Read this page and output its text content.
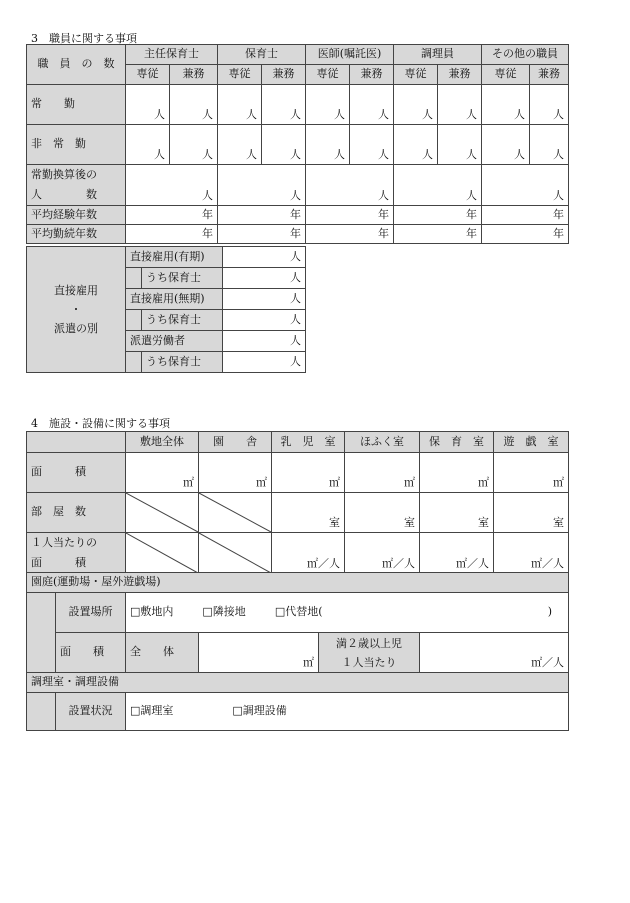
3　職員に関する事項
職　員　の　数	主任保育士		保育士		医師(嘱託医)		調理員		その他の職員	
	専従	兼務	専従	兼務	専従	兼務	専従	兼務	専従	兼務

常　　勤	人	人	人	人	人	人	人	人	人	人
非　常　勤	人	人	人	人	人	人	人	人	人	人

常勤換算後の
人　　　　数	人		人		人		人		人	
平均経験年数	年		年		年		年		年	
平均勤続年数	年		年		年		年		年	
直接雇用
・
派遣の別	直接雇用(有期)		人
		うち保育士	人
	直接雇用(無期)		人
		うち保育士	人
	派遣労働者		人
		うち保育士	人
4　施設・設備に関する事項
	敷地全体	園　　舎	乳　児　室	ほふく室	保　育　室	遊　戯　室
面　　　積	㎡	㎡	㎡	㎡	㎡	㎡
部　屋　数			室	室	室	室

１人当たりの
面　　　積			㎡／人	㎡／人	㎡／人	㎡／人
園庭(運動場・屋外遊戯場)					
	設置場所	□敷地内 □隣接地 □代替地( )			

	面　　積	全　　体	㎡	満２歳以上児
１人当たり	㎡／人
調理室・調理設備					
	設置状況	□調理室 □調理設備			
